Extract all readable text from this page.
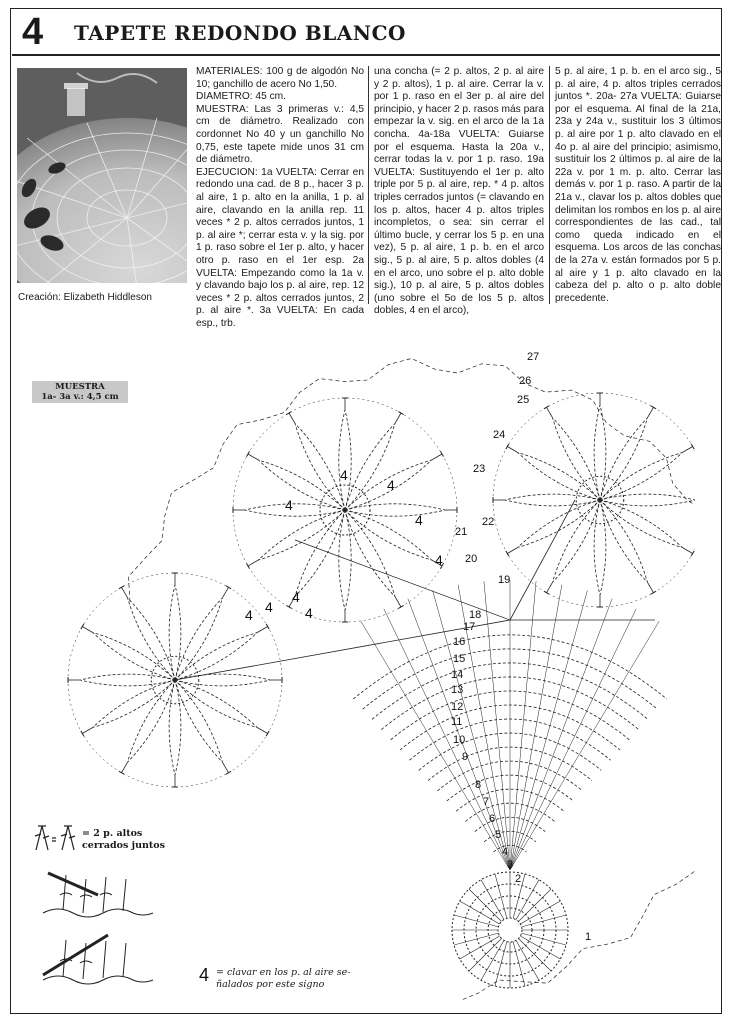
4 TAPETE REDONDO BLANCO
Creación: Elizabeth Hiddleson

MATERIALES: 100 g de algodón No 10; ganchillo de acero No 1,50.

DIAMETRO: 45 cm.

MUESTRA: Las 3 primeras v.: 4,5 cm de diámetro. Realizado con cordonnet No 40 y un ganchillo No 0,75, este tapete mide unos 31 cm de diámetro.

EJECUCION: 1a VUELTA: Cerrar en redondo una cad. de 8 p., hacer 3 p. al aire, 1 p. alto en la anilla, 1 p. al aire, clavando en la anilla rep. 11 veces * 2 p. altos cerrados juntos, 1 p. al aire *; cerrar esta v. y la sig. por 1 p. raso sobre el 1er p. alto, y hacer otro p. raso en el 1er esp. 2a VUELTA: Empezando como la 1a v. y clavando bajo los p. al aire, rep. 12 veces * 2 p. altos cerrados juntos, 2 p. al aire *. 3a VUELTA: En cada esp., trb.

una concha (= 2 p. altos, 2 p. al aire y 2 p. altos), 1 p. al aire. Cerrar la v. por 1 p. raso en el 3er p. al aire del principio, y hacer 2 p. rasos más para empezar la v. sig. en el arco de la 1a concha. 4a-18a VUELTA: Guiarse por el esquema. Hasta la 20a v., cerrar todas la v. por 1 p. raso. 19a VUELTA: Sustituyendo el 1er p. alto triple por 5 p. al aire, rep. * 4 p. altos triples cerrados juntos (= clavando en los p. altos, hacer 4 p. altos triples incompletos, o sea: sin cerrar el último bucle, y cerrar los 5 p. en una vez), 5 p. al aire, 1 p. b. en el arco sig., 5 p. al aire, 5 p. altos dobles (4 en el arco, uno sobre el p. alto doble sig.), 10 p. al aire, 5 p. altos dobles (uno sobre el 5o de los 5 p. altos dobles, 4 en el arco),

5 p. al aire, 1 p. b. en el arco sig., 5 p. al aire, 4 p. altos triples cerrados juntos *. 20a- 27a VUELTA: Guiarse por el esquema. Al final de la 21a, 23a y 24a v., sustituir los 3 últimos p. al aire por 1 p. alto clavado en el 4o p. al aire del principio; asimismo, sustituir los 2 últimos p. al aire de la 22a v. por 1 m. p. alto. Cerrar las demás v. por 1 p. raso. A partir de la 21a v., clavar los p. altos dobles que delimitan los rombos en los p. al aire correspondientes de las cad., tal como queda indicado en el esquema. Los arcos de las conchas de la 27a v. están formados por 5 p. al aire y 1 p. alto clavado en la cabeza del p. alto o p. alto doble precedente.

MUESTRA
1a- 3a v.: 4,5 cm
1
2
3
4
5
6
7
8
9
10
11
12
13
14
15
16
17
18
19
20
21
22
23
24
25
26
27
4
4
4
4
4
4
4 4 4
= 2 p. altos
cerrados juntos
4 = clavar en los p. al aire se-
ñalados por este signo
